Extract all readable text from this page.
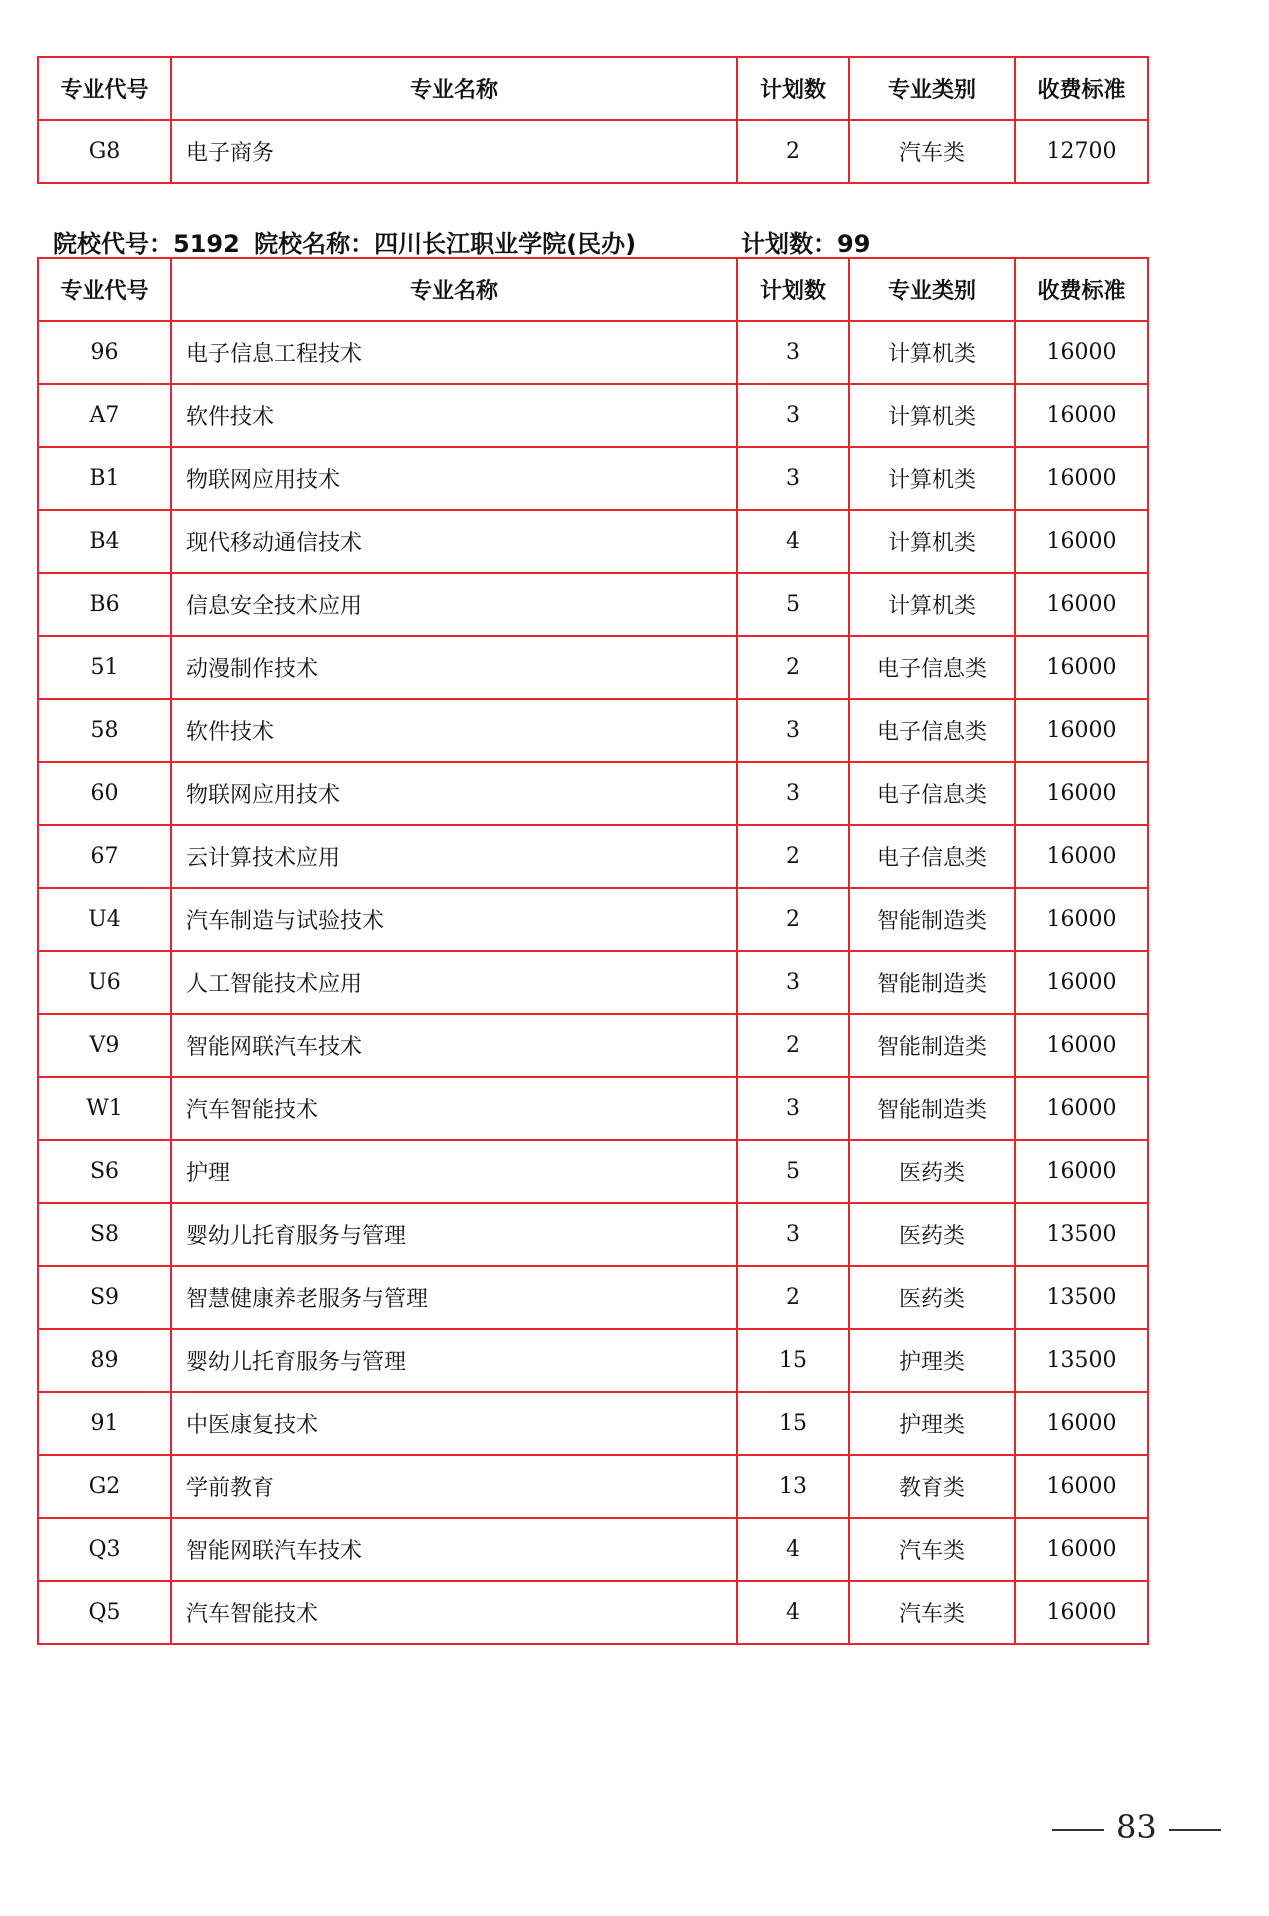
专业代号	专业名称	计划数	专业类别	收费标准
G8	电子商务	2	汽车类	12700
院校代号：5192 院校名称：四川长江职业学院(民办)	计划数：99
专业代号	专业名称	计划数	专业类别	收费标准
96	电子信息工程技术	3	计算机类	16000
A7	软件技术	3	计算机类	16000
B1	物联网应用技术	3	计算机类	16000
B4	现代移动通信技术	4	计算机类	16000
B6	信息安全技术应用	5	计算机类	16000
51	动漫制作技术	2	电子信息类	16000
58	软件技术	3	电子信息类	16000
60	物联网应用技术	3	电子信息类	16000
67	云计算技术应用	2	电子信息类	16000
U4	汽车制造与试验技术	2	智能制造类	16000
U6	人工智能技术应用	3	智能制造类	16000
V9	智能网联汽车技术	2	智能制造类	16000
W1	汽车智能技术	3	智能制造类	16000
S6	护理	5	医药类	16000
S8	婴幼儿托育服务与管理	3	医药类	13500
S9	智慧健康养老服务与管理	2	医药类	13500
89	婴幼儿托育服务与管理	15	护理类	13500
91	中医康复技术	15	护理类	16000
G2	学前教育	13	教育类	16000
Q3	智能网联汽车技术	4	汽车类	16000
Q5	汽车智能技术	4	汽车类	16000
83
